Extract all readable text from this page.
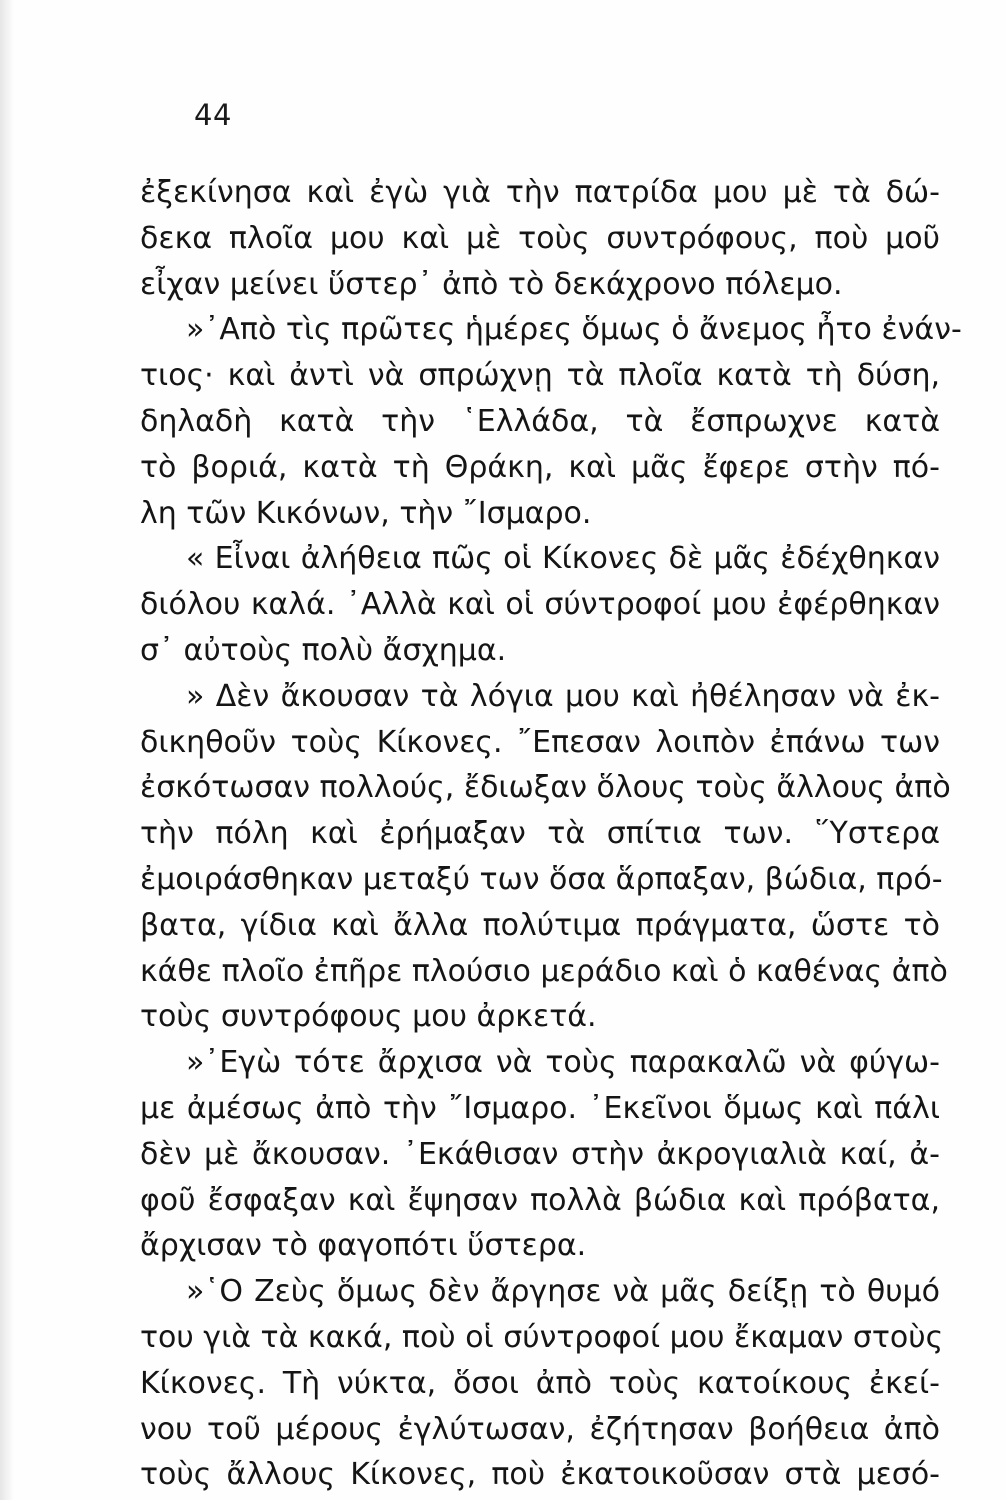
44
ἐξεκίνησα καὶ ἐγὼ γιὰ τὴν πατρίδα μου μὲ τὰ δώ-
δεκα πλοῖα μου καὶ μὲ τοὺς συντρόφους, ποὺ μοῦ
εἶχαν μείνει ὕστερ᾽ ἀπὸ τὸ δεκάχρονο πόλεμο.
»᾽Απὸ τὶς πρῶτες ἡμέρες ὅμως ὁ ἄνεμος ἦτο ἐνάν-
τιος· καὶ ἀντὶ νὰ σπρώχνῃ τὰ πλοῖα κατὰ τὴ δύση,
δηλαδὴ κατὰ τὴν ῾Ελλάδα, τὰ ἔσπρωχνε κατὰ
τὸ βοριά, κατὰ τὴ Θράκη, καὶ μᾶς ἔφερε στὴν πό-
λη τῶν Κικόνων, τὴν ῎Ισμαρο.
« Εἶναι ἀλήθεια πῶς οἱ Κίκονες δὲ μᾶς ἐδέχθηκαν
διόλου καλά. ᾽Αλλὰ καὶ οἱ σύντροφοί μου ἐφέρθηκαν
σ᾽ αὐτοὺς πολὺ ἄσχημα.
» Δὲν ἄκουσαν τὰ λόγια μου καὶ ἠθέλησαν νὰ ἐκ-
δικηθοῦν τοὺς Κίκονες. ῎Επεσαν λοιπὸν ἐπάνω των
ἐσκότωσαν πολλούς, ἔδιωξαν ὅλους τοὺς ἄλλους ἀπὸ
τὴν πόλη καὶ ἐρήμαξαν τὰ σπίτια των. ῞Υστερα
ἐμοιράσθηκαν μεταξύ των ὅσα ἅρπαξαν, βώδια, πρό-
βατα, γίδια καὶ ἄλλα πολύτιμα πράγματα, ὥστε τὸ
κάθε πλοῖο ἐπῆρε πλούσιο μεράδιο καὶ ὁ καθένας ἀπὸ
τοὺς συντρόφους μου ἀρκετά.
»᾽Εγὼ τότε ἄρχισα νὰ τοὺς παρακαλῶ νὰ φύγω-
με ἀμέσως ἀπὸ τὴν ῎Ισμαρο. ᾽Εκεῖνοι ὅμως καὶ πάλι
δὲν μὲ ἄκουσαν. ᾽Εκάθισαν στὴν ἀκρογιαλιὰ καί, ἀ-
φοῦ ἔσφαξαν καὶ ἔψησαν πολλὰ βώδια καὶ πρόβατα,
ἄρχισαν τὸ φαγοπότι ὕστερα.
»῾Ο Ζεὺς ὅμως δὲν ἄργησε νὰ μᾶς δείξῃ τὸ θυμό
του γιὰ τὰ κακά, ποὺ οἱ σύντροφοί μου ἔκαμαν στοὺς
Κίκονες. Τὴ νύκτα, ὅσοι ἀπὸ τοὺς κατοίκους ἐκεί-
νου τοῦ μέρους ἐγλύτωσαν, ἐζήτησαν βοήθεια ἀπὸ
τοὺς ἄλλους Κίκονες, ποὺ ἐκατοικοῦσαν στὰ μεσό-
